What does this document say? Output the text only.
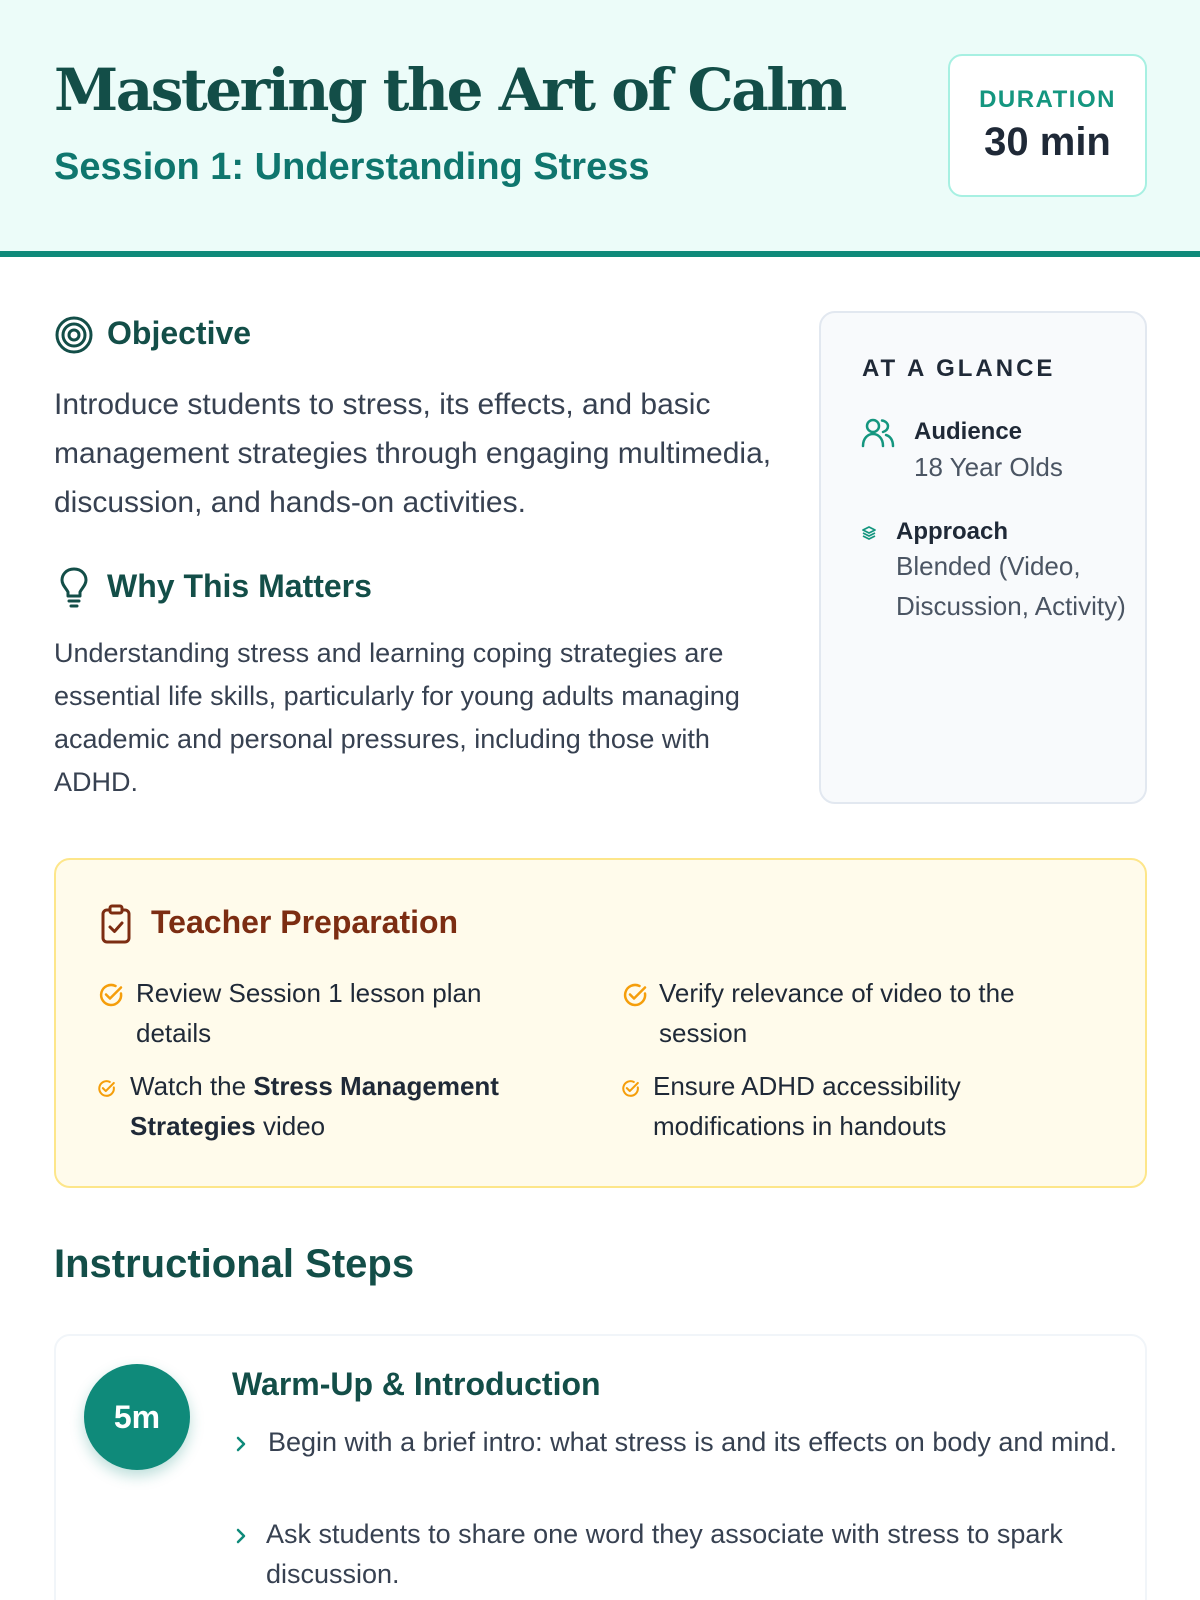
Mastering the Art of Calm
Session 1: Understanding Stress
DURATION
30 min
Objective
Introduce students to stress, its effects, and basic management strategies through engaging multimedia, discussion, and hands-on activities.
Why This Matters
Understanding stress and learning coping strategies are essential life skills, particularly for young adults managing academic and personal pressures, including those with ADHD.
AT A GLANCE
Audience
18 Year Olds
Approach
Blended (Video, Discussion, Activity)
Teacher Preparation
Review Session 1 lesson plan details
Verify relevance of video to the session
Watch the Stress Management Strategies video
Ensure ADHD accessibility modifications in handouts
Instructional Steps
5m
Warm-Up & Introduction
Begin with a brief intro: what stress is and its effects on body and mind.
Ask students to share one word they associate with stress to spark discussion.
